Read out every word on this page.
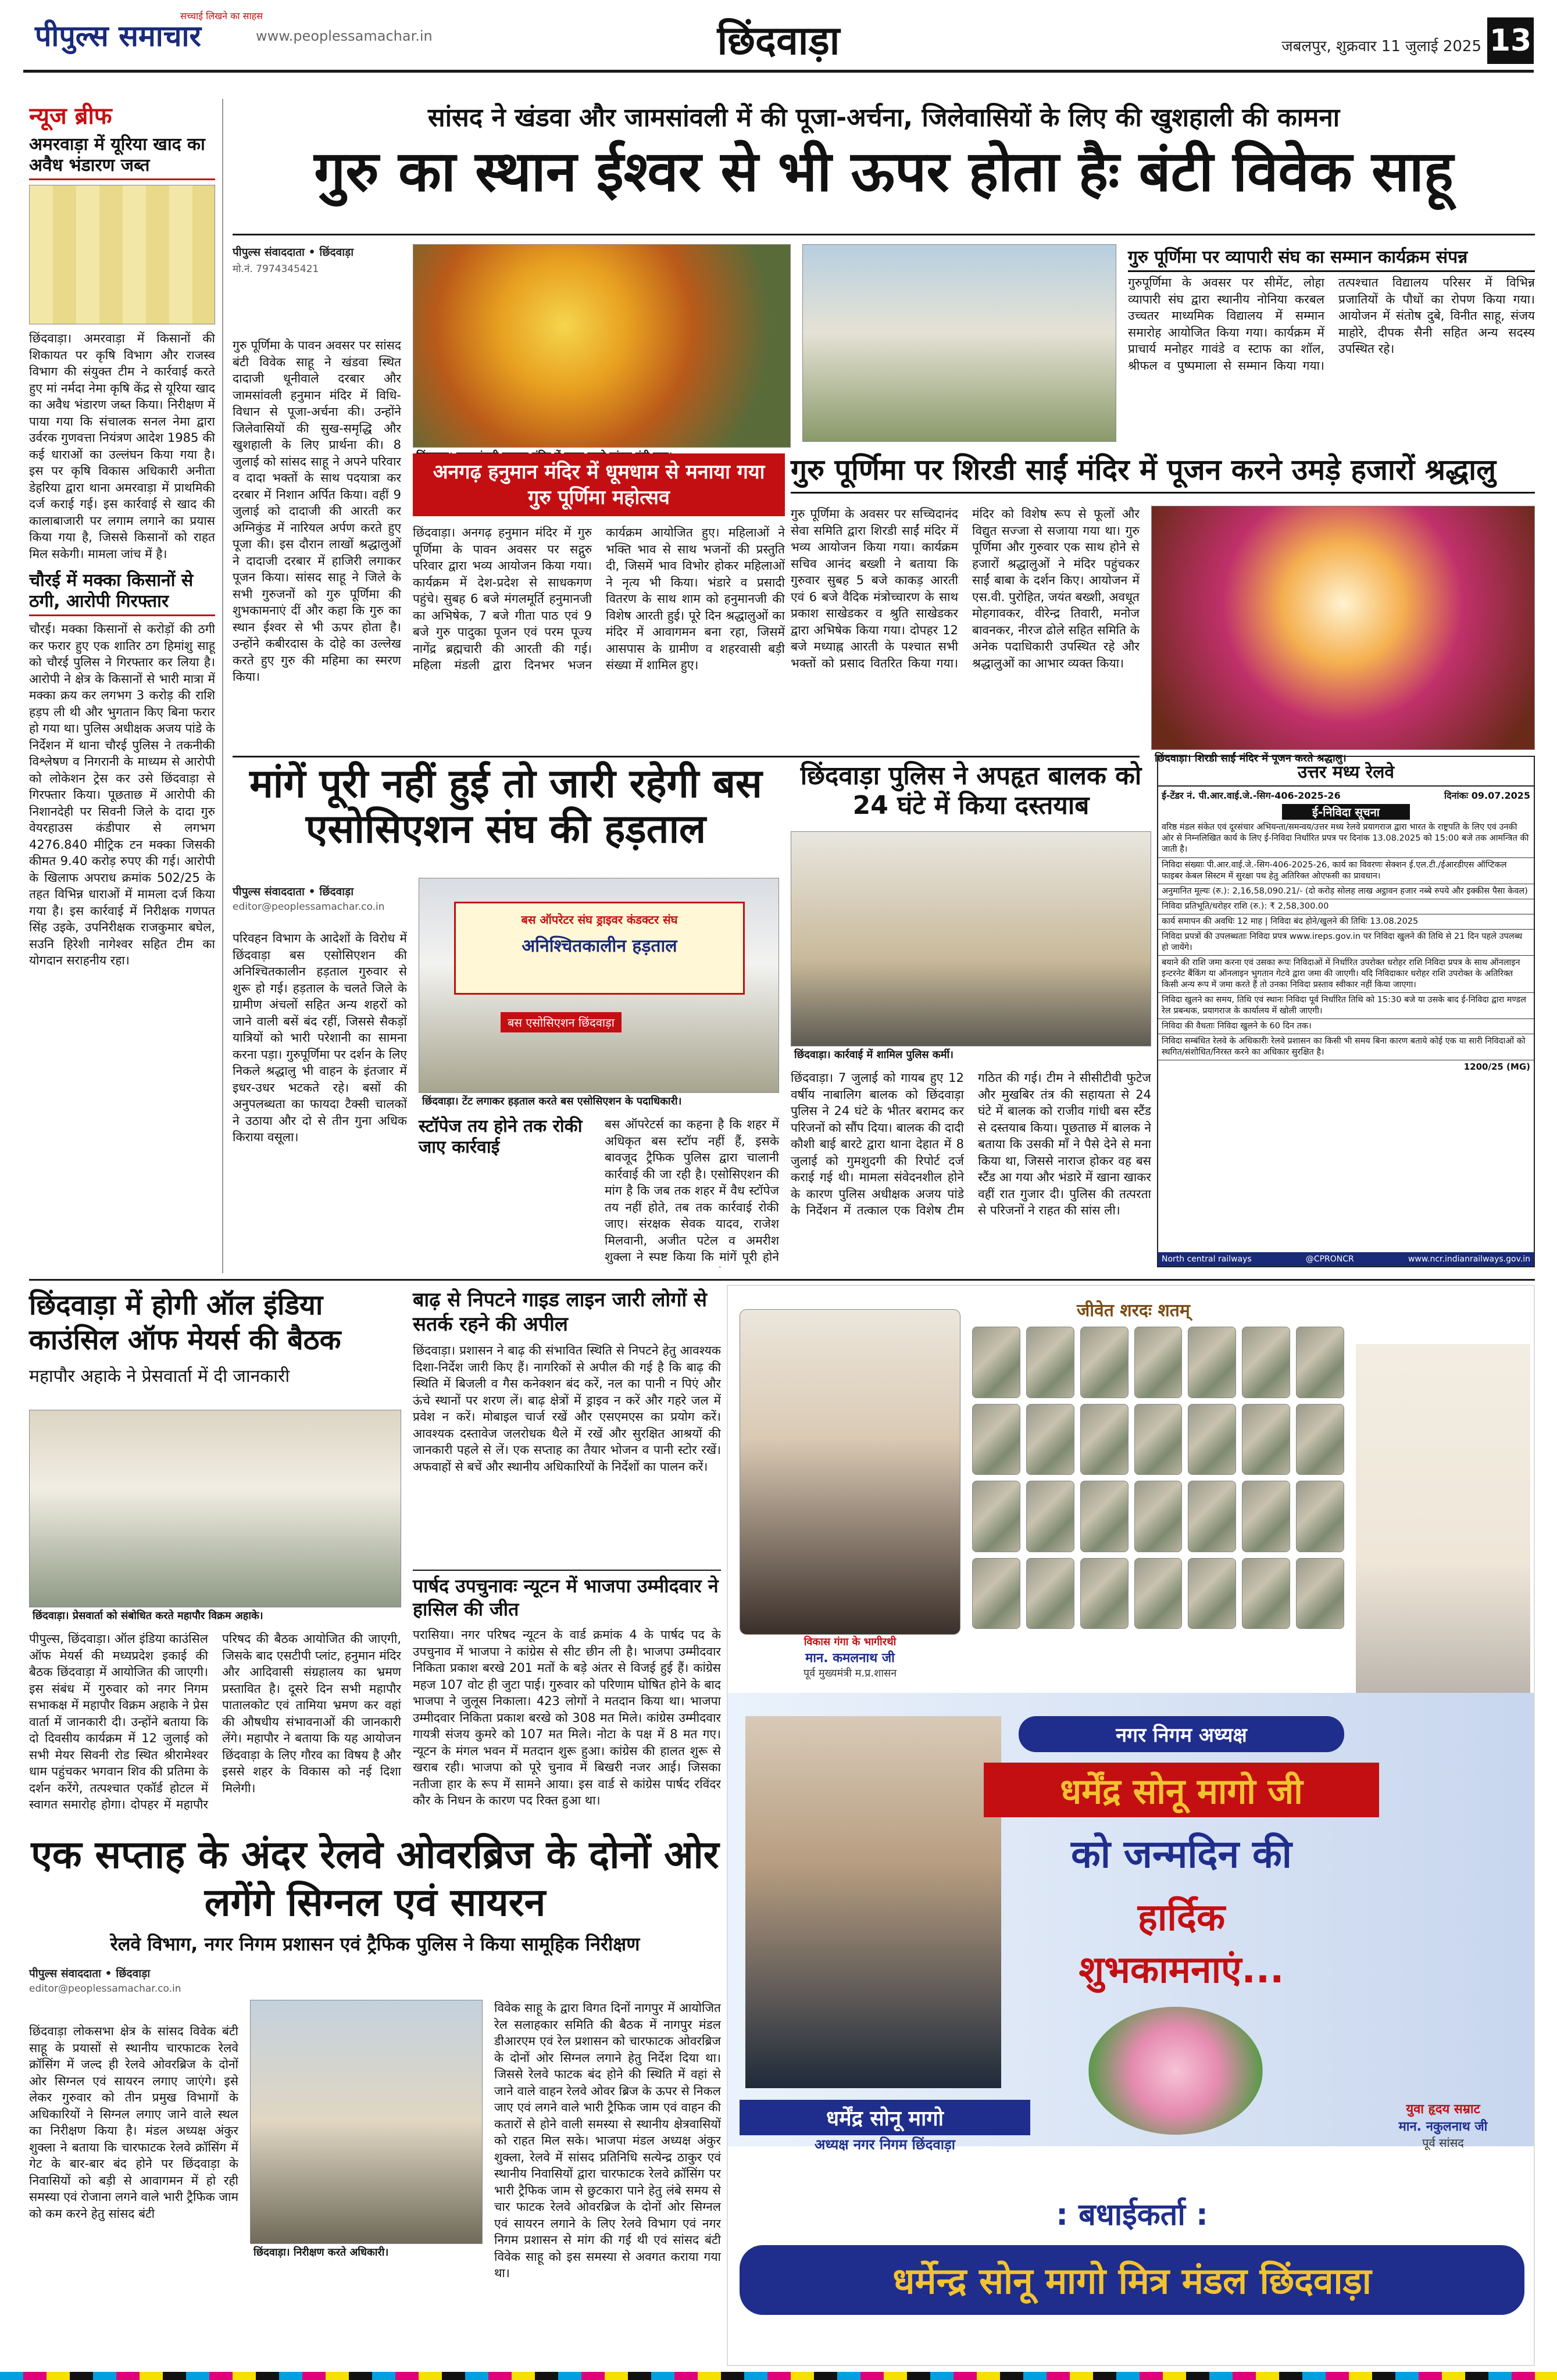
पीपुल्स समाचार
सच्चाई लिखने का साहस
www.peoplessamachar.in	छिंदवाड़ा	जबलपुर, शुक्रवार 11 जुलाई 2025 13
न्यूज ब्रीफ
अमरवाड़ा में यूरिया खाद का अवैध भंडारण जब्त
छिंदवाड़ा। अमरवाड़ा में किसानों की शिकायत पर कृषि विभाग और राजस्व विभाग की संयुक्त टीम ने कार्रवाई करते हुए मां नर्मदा नेमा कृषि केंद्र से यूरिया खाद का अवैध भंडारण जब्त किया। निरीक्षण में पाया गया कि संचालक सनल नेमा द्वारा उर्वरक गुणवत्ता नियंत्रण आदेश 1985 की कई धाराओं का उल्लंघन किया गया है। इस पर कृषि विकास अधिकारी अनीता डेहरिया द्वारा थाना अमरवाड़ा में प्राथमिकी दर्ज कराई गई। इस कार्रवाई से खाद की कालाबाजारी पर लगाम लगाने का प्रयास किया गया है, जिससे किसानों को राहत मिल सकेगी। मामला जांच में है।
चौरई में मक्का किसानों से ठगी, आरोपी गिरफ्तार
चौरई। मक्का किसानों से करोड़ों की ठगी कर फरार हुए एक शातिर ठग हिमांशु साहू को चौरई पुलिस ने गिरफ्तार कर लिया है। आरोपी ने क्षेत्र के किसानों से भारी मात्रा में मक्का क्रय कर लगभग 3 करोड़ की राशि हड़प ली थी और भुगतान किए बिना फरार हो गया था। पुलिस अधीक्षक अजय पांडे के निर्देशन में थाना चौरई पुलिस ने तकनीकी विश्लेषण व निगरानी के माध्यम से आरोपी को लोकेशन ट्रेस कर उसे छिंदवाड़ा से गिरफ्तार किया। पूछताछ में आरोपी की निशानदेही पर सिवनी जिले के दादा गुरु वेयरहाउस कंडीपार से लगभग 4276.840 मीट्रिक टन मक्का जिसकी कीमत 9.40 करोड़ रुपए की गई। आरोपी के खिलाफ अपराध क्रमांक 502/25 के तहत विभिन्न धाराओं में मामला दर्ज किया गया है। इस कार्रवाई में निरीक्षक गणपत सिंह उइके, उपनिरीक्षक राजकुमार बघेल, सउनि हिरेशी नागेश्वर सहित टीम का योगदान सराहनीय रहा।
सांसद ने खंडवा और जामसांवली में की पूजा-अर्चना, जिलेवासियों के लिए की खुशहाली की कामना
गुरु का स्थान ईश्वर से भी ऊपर होता हैः बंटी विवेक साहू
पीपुल्स संवाददाता • छिंदवाड़ा
मो.नं. 7974345421
गुरु पूर्णिमा के पावन अवसर पर सांसद बंटी विवेक साहू ने खंडवा स्थित दादाजी धूनीवाले दरबार और जामसांवली हनुमान मंदिर में विधि-विधान से पूजा-अर्चना की। उन्होंने जिलेवासियों की सुख-समृद्धि और खुशहाली के लिए प्रार्थना की। 8 जुलाई को सांसद साहू ने अपने परिवार व दादा भक्तों के साथ पदयात्रा कर दरबार में निशान अर्पित किया। वहीं 9 जुलाई को दादाजी की आरती कर अग्निकुंड में नारियल अर्पण करते हुए पूजा की। इस दौरान लाखों श्रद्धालुओं ने दादाजी दरबार में हाजिरी लगाकर पूजन किया। सांसद साहू ने जिले के सभी गुरुजनों को गुरु पूर्णिमा की शुभकामनाएं दीं और कहा कि गुरु का स्थान ईश्वर से भी ऊपर होता है। उन्होंने कबीरदास के दोहे का उल्लेख करते हुए गुरु की महिमा का स्मरण किया।
गुरु पूर्णिमा पर व्यापारी संघ का सम्मान कार्यक्रम संपन्न
गुरुपूर्णिमा के अवसर पर सीमेंट, लोहा व्यापारी संघ द्वारा स्थानीय नोनिया करबल उच्चतर माध्यमिक विद्यालय में सम्मान समारोह आयोजित किया गया। कार्यक्रम में प्राचार्य मनोहर गावंडे व स्टाफ का शॉल, श्रीफल व पुष्पमाला से सम्मान किया गया। तत्पश्चात विद्यालय परिसर में विभिन्न प्रजातियों के पौधों का रोपण किया गया। आयोजन में संतोष दुबे, विनीत साहू, संजय माहोरे, दीपक सैनी सहित अन्य सदस्य उपस्थित रहे।
अनगढ़ हनुमान मंदिर में धूमधाम से मनाया गया गुरु पूर्णिमा महोत्सव
छिंदवाड़ा। अनगढ़ हनुमान मंदिर में गुरु पूर्णिमा के पावन अवसर पर सद्गुरु परिवार द्वारा भव्य आयोजन किया गया। कार्यक्रम में देश-प्रदेश से साधकगण पहुंचे। सुबह 6 बजे मंगलमूर्ति हनुमानजी का अभिषेक, 7 बजे गीता पाठ एवं 9 बजे गुरु पादुका पूजन एवं परम पूज्य नागेंद्र ब्रह्मचारी की आरती की गई। महिला मंडली द्वारा दिनभर भजन कार्यक्रम आयोजित हुए। महिलाओं ने भक्ति भाव से साथ भजनों की प्रस्तुति दी, जिसमें भाव विभोर होकर महिलाओं ने नृत्य भी किया। भंडारे व प्रसादी वितरण के साथ शाम को हनुमानजी की विशेष आरती हुई। पूरे दिन श्रद्धालुओं का मंदिर में आवागमन बना रहा, जिसमें आसपास के ग्रामीण व शहरवासी बड़ी संख्या में शामिल हुए।
गुरु पूर्णिमा पर शिरडी साईं मंदिर में पूजन करने उमड़े हजारों श्रद्धालु
गुरु पूर्णिमा के अवसर पर सच्चिदानंद सेवा समिति द्वारा शिरडी साईं मंदिर में भव्य आयोजन किया गया। कार्यक्रम सचिव आनंद बख्शी ने बताया कि गुरुवार सुबह 5 बजे काकड़ आरती एवं 6 बजे वैदिक मंत्रोच्चारण के साथ प्रकाश साखेडकर व श्रुति साखेडकर द्वारा अभिषेक किया गया। दोपहर 12 बजे मध्याह्न आरती के पश्चात सभी भक्तों को प्रसाद वितरित किया गया। मंदिर को विशेष रूप से फूलों और विद्युत सज्जा से सजाया गया था। गुरु पूर्णिमा और गुरुवार एक साथ होने से हजारों श्रद्धालुओं ने मंदिर पहुंचकर साईं बाबा के दर्शन किए। आयोजन में एस.वी. पुरोहित, जयंत बख्शी, अवधूत मोहगावकर, वीरेन्द्र तिवारी, मनोज बावनकर, नीरज ढोले सहित समिति के अनेक पदाधिकारी उपस्थित रहे और श्रद्धालुओं का आभार व्यक्त किया।
छिंदवाड़ा। शिरडी साईं मंदिर में पूजन करते श्रद्धालु।
मांगें पूरी नहीं हुई तो जारी रहेगी बस एसोसिएशन संघ की हड़ताल
पीपुल्स संवाददाता • छिंदवाड़ा
editor@peoplessamachar.co.in
परिवहन विभाग के आदेशों के विरोध में छिंदवाड़ा बस एसोसिएशन की अनिश्चितकालीन हड़ताल गुरुवार से शुरू हो गई। हड़ताल के चलते जिले के ग्रामीण अंचलों सहित अन्य शहरों को जाने वाली बसें बंद रहीं, जिससे सैकड़ों यात्रियों को भारी परेशानी का सामना करना पड़ा। गुरुपूर्णिमा पर दर्शन के लिए निकले श्रद्धालु भी वाहन के इंतजार में इधर-उधर भटकते रहे। बसों की अनुपलब्धता का फायदा टैक्सी चालकों ने उठाया और दो से तीन गुना अधिक किराया वसूला।
बस ऑपरेटर संघ ड्राइवर कंडक्टर संघ
अनिश्चितकालीन हड़ताल
बस एसोसिएशन छिंदवाड़ा
छिंदवाड़ा। टेंट लगाकर हड़ताल करते बस एसोसिएशन के पदाधिकारी।
स्टॉपेज तय होने तक रोकी जाए कार्रवाई
बस ऑपरेटर्स का कहना है कि शहर में अधिकृत बस स्टॉप नहीं हैं, इसके बावजूद ट्रैफिक पुलिस द्वारा चालानी कार्रवाई की जा रही है। एसोसिएशन की मांग है कि जब तक शहर में वैध स्टॉपेज तय नहीं होते, तब तक कार्रवाई रोकी जाए। संरक्षक सेवक यादव, राजेश मिलवानी, अजीत पटेल व अमरीश शुक्ला ने स्पष्ट किया कि मांगें पूरी होने
छिंदवाड़ा पुलिस ने अपहृत बालक को 24 घंटे में किया दस्तयाब
छिंदवाड़ा। कार्रवाई में शामिल पुलिस कर्मी।
छिंदवाड़ा। 7 जुलाई को गायब हुए 12 वर्षीय नाबालिग बालक को छिंदवाड़ा पुलिस ने 24 घंटे के भीतर बरामद कर परिजनों को सौंप दिया। बालक की दादी कौशी बाई बारटे द्वारा थाना देहात में 8 जुलाई को गुमशुदगी की रिपोर्ट दर्ज कराई गई थी। मामला संवेदनशील होने के कारण पुलिस अधीक्षक अजय पांडे के निर्देशन में तत्काल एक विशेष टीम गठित की गई। टीम ने सीसीटीवी फुटेज और मुखबिर तंत्र की सहायता से 24 घंटे में बालक को राजीव गांधी बस स्टैंड से दस्तयाब किया। पूछताछ में बालक ने बताया कि उसकी माँ ने पैसे देने से मना किया था, जिससे नाराज होकर वह बस स्टैंड आ गया और भंडारे में खाना खाकर वहीं रात गुजार दी। पुलिस की तत्परता से परिजनों ने राहत की सांस ली।
उत्तर मध्य रेलवे
ई-टेंडर नं. पी.आर.वाई.जे.-सिग-406-2025-26	दिनांकः 09.07.2025
ई-निविदा सूचना
वरिष्ठ मंडल संकेत एवं दूरसंचार अभियन्ता/समन्वय/उत्तर मध्य रेलवे प्रयागराज द्वारा भारत के राष्ट्रपति के लिए एवं उनकी ओर से निम्नलिखित कार्य के लिए ई-निविदा निर्धारित प्रपत्र पर दिनांक 13.08.2025 को 15:00 बजे तक आमन्त्रित की जाती है।
निविदा संख्याः पी.आर.वाई.जे.-सिग-406-2025-26, कार्य का विवरणः सेक्शन ई.एल.टी./ईआरडीएस ऑप्टिकल फाइबर केबल सिस्टम में सुरक्षा पथ हेतु अतिरिक्त ओएफसी का प्रावधान।
अनुमानित मूल्यः (रु.): 2,16,58,090.21/- (दो करोड़ सोलह लाख अट्ठावन हजार नब्बे रुपये और इक्कीस पैसा केवल)
निविदा प्रतिभूति/धरोहर राशि (रु.): ₹ 2,58,300.00
कार्य समापन की अवधिः 12 माह | निविदा बंद होने/खुलने की तिथिः 13.08.2025
निविदा प्रपत्रों की उपलब्धताः निविदा प्रपत्र www.ireps.gov.in पर निविदा खुलने की तिथि से 21 दिन पहले उपलब्ध हो जायेंगे।
बयाने की राशि जमा करना एवं उसका रूपः निविदाओं में निर्धारित उपरोक्त धरोहर राशि निविदा प्रपत्र के साथ ऑनलाइन इन्टरनेट बैंकिंग या ऑनलाइन भुगतान गेटवे द्वारा जमा की जाएगी। यदि निविदाकार धरोहर राशि उपरोक्त के अतिरिक्त किसी अन्य रूप में जमा करते हैं तो उनका निविदा प्रस्ताव स्वीकार नहीं किया जाएगा।
निविदा खुलने का समय, तिथि एवं स्थानः निविदा पूर्व निर्धारित तिथि को 15:30 बजे या उसके बाद ई-निविदा द्वारा मण्डल रेल प्रबन्धक, प्रयागराज के कार्यालय में खोली जाएगी।
निविदा की वैधताः निविदा खुलने के 60 दिन तक।
निविदा सम्बंधित रेलवे के अधिकारीः रेलवे प्रशासन का किसी भी समय बिना कारण बताये कोई एक या सारी निविदाओं को स्थगित/संशोधित/निरस्त करने का अधिकार सुरक्षित है।
1200/25 (MG)
North central railways	@CPRONCR	www.ncr.indianrailways.gov.in
छिंदवाड़ा में होगी ऑल इंडिया काउंसिल ऑफ मेयर्स की बैठक
महापौर अहाके ने प्रेसवार्ता में दी जानकारी
छिंदवाड़ा। प्रेसवार्ता को संबोधित करते महापौर विक्रम अहाके।
पीपुल्स, छिंदवाड़ा। ऑल इंडिया काउंसिल ऑफ मेयर्स की मध्यप्रदेश इकाई की बैठक छिंदवाड़ा में आयोजित की जाएगी। इस संबंध में गुरुवार को नगर निगम सभाकक्ष में महापौर विक्रम अहाके ने प्रेस वार्ता में जानकारी दी। उन्होंने बताया कि दो दिवसीय कार्यक्रम में 12 जुलाई को सभी मेयर सिवनी रोड स्थित श्रीरामेश्वर धाम पहुंचकर भगवान शिव की प्रतिमा के दर्शन करेंगे, तत्पश्चात एकॉर्ड होटल में स्वागत समारोह होगा। दोपहर में महापौर परिषद की बैठक आयोजित की जाएगी, जिसके बाद एसटीपी प्लांट, हनुमान मंदिर और आदिवासी संग्रहालय का भ्रमण प्रस्तावित है। दूसरे दिन सभी महापौर पातालकोट एवं तामिया भ्रमण कर वहां की औषधीय संभावनाओं की जानकारी लेंगे। महापौर ने बताया कि यह आयोजन छिंदवाड़ा के लिए गौरव का विषय है और इससे शहर के विकास को नई दिशा मिलेगी।
बाढ़ से निपटने गाइड लाइन जारी लोगों से सतर्क रहने की अपील
छिंदवाड़ा। प्रशासन ने बाढ़ की संभावित स्थिति से निपटने हेतु आवश्यक दिशा-निर्देश जारी किए हैं। नागरिकों से अपील की गई है कि बाढ़ की स्थिति में बिजली व गैस कनेक्शन बंद करें, नल का पानी न पिएं और ऊंचे स्थानों पर शरण लें। बाढ़ क्षेत्रों में ड्राइव न करें और गहरे जल में प्रवेश न करें। मोबाइल चार्ज रखें और एसएमएस का प्रयोग करें। आवश्यक दस्तावेज जलरोधक थैले में रखें और सुरक्षित आश्रयों की जानकारी पहले से लें। एक सप्ताह का तैयार भोजन व पानी स्टोर रखें। अफवाहों से बचें और स्थानीय अधिकारियों के निर्देशों का पालन करें।
पार्षद उपचुनावः न्यूटन में भाजपा उम्मीदवार ने हासिल की जीत
परासिया। नगर परिषद न्यूटन के वार्ड क्रमांक 4 के पार्षद पद के उपचुनाव में भाजपा ने कांग्रेस से सीट छीन ली है। भाजपा उम्मीदवार निकिता प्रकाश बरखे 201 मतों के बड़े अंतर से विजई हुई हैं। कांग्रेस महज 107 वोट ही जुटा पाई। गुरुवार को परिणाम घोषित होने के बाद भाजपा ने जुलूस निकाला। 423 लोगों ने मतदान किया था। भाजपा उम्मीदवार निकिता प्रकाश बरखे को 308 मत मिले। कांग्रेस उम्मीदवार गायत्री संजय कुमरे को 107 मत मिले। नोटा के पक्ष में 8 मत गए। न्यूटन के मंगल भवन में मतदान शुरू हुआ। कांग्रेस की हालत शुरू से खराब रही। भाजपा को पूरे चुनाव में बिखरी नजर आई। जिसका नतीजा हार के रूप में सामने आया। इस वार्ड से कांग्रेस पार्षद रविंदर कौर के निधन के कारण पद रिक्त हुआ था।
जीवेत शरदः शतम्
विकास गंगा के भागीरथी
मान. कमलनाथ जी
पूर्व मुख्यमंत्री म.प्र.शासन
नगर निगम अध्यक्ष
धर्मेंद्र सोनू मागो जी
को जन्मदिन की
हार्दिक
शुभकामनाएं...
धर्मेंद्र सोनू मागो
अध्यक्ष नगर निगम छिंदवाड़ा
युवा हृदय सम्राट
मान. नकुलनाथ जी
पूर्व सांसद
: बधाईकर्ता :
धर्मेन्द्र सोनू मागो मित्र मंडल छिंदवाड़ा
एक सप्ताह के अंदर रेलवे ओवरब्रिज के दोनों ओर लगेंगे सिग्नल एवं सायरन
रेलवे विभाग, नगर निगम प्रशासन एवं ट्रैफिक पुलिस ने किया सामूहिक निरीक्षण
पीपुल्स संवाददाता • छिंदवाड़ा
editor@peoplessamachar.co.in
छिंदवाड़ा लोकसभा क्षेत्र के सांसद विवेक बंटी साहू के प्रयासों से स्थानीय चारफाटक रेलवे क्रॉसिंग में जल्द ही रेलवे ओवरब्रिज के दोनों ओर सिग्नल एवं सायरन लगाए जाएंगे। इसे लेकर गुरुवार को तीन प्रमुख विभागों के अधिकारियों ने सिग्नल लगाए जाने वाले स्थल का निरीक्षण किया है। मंडल अध्यक्ष अंकुर शुक्ला ने बताया कि चारफाटक रेलवे क्रॉसिंग में गेट के बार-बार बंद होने पर छिंदवाड़ा के निवासियों को बड़ी से आवागमन में हो रही समस्या एवं रोजाना लगने वाले भारी ट्रैफिक जाम को कम करने हेतु सांसद बंटी
छिंदवाड़ा। निरीक्षण करते अधिकारी।
विवेक साहू के द्वारा विगत दिनों नागपुर में आयोजित रेल सलाहकार समिति की बैठक में नागपुर मंडल डीआरएम एवं रेल प्रशासन को चारफाटक ओवरब्रिज के दोनों ओर सिग्नल लगाने हेतु निर्देश दिया था। जिससे रेलवे फाटक बंद होने की स्थिति में वहां से जाने वाले वाहन रेलवे ओवर ब्रिज के ऊपर से निकल जाए एवं लगने वाले भारी ट्रैफिक जाम एवं वाहन की कतारों से होने वाली समस्या से स्थानीय क्षेत्रवासियों को राहत मिल सके। भाजपा मंडल अध्यक्ष अंकुर शुक्ला, रेलवे में सांसद प्रतिनिधि सत्येन्द्र ठाकुर एवं स्थानीय निवासियों द्वारा चारफाटक रेलवे क्रॉसिंग पर भारी ट्रैफिक जाम से छुटकारा पाने हेतु लंबे समय से चार फाटक रेलवे ओवरब्रिज के दोनों ओर सिग्नल एवं सायरन लगाने के लिए रेलवे विभाग एवं नगर निगम प्रशासन से मांग की गई थी एवं सांसद बंटी विवेक साहू को इस समस्या से अवगत कराया गया था।
